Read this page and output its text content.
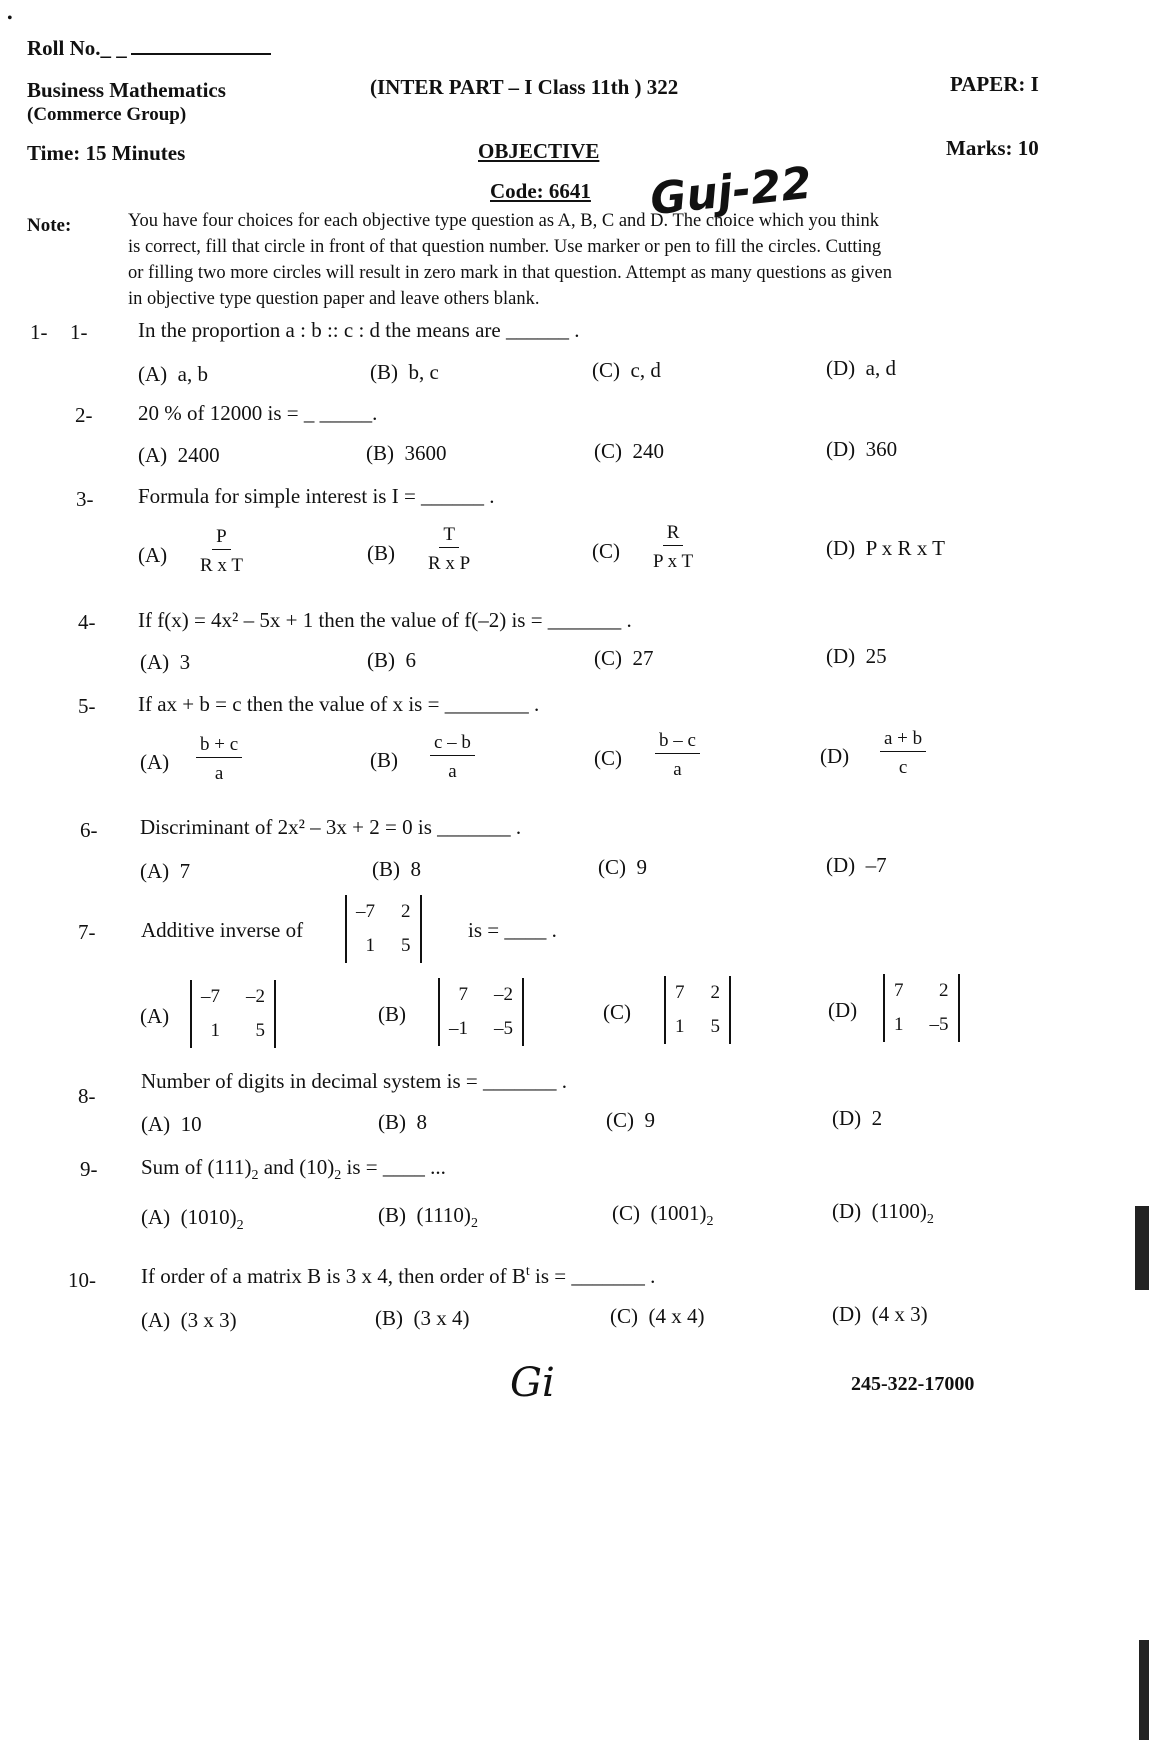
•
Roll No._ _
Business Mathematics
(Commerce Group)
(INTER PART – I Class 11th ) 322	PAPER: I
Time: 15 Minutes	OBJECTIVE	Marks: 10
Code: 6641 Guj-22
Note:	You have four choices for each objective type question as A, B, C and D. The choice which you think
is correct, fill that circle in front of that question number. Use marker or pen to fill the circles. Cutting
or filling two more circles will result in zero mark in that question. Attempt as many questions as given
in objective type question paper and leave others blank.
1- 1- In the proportion a : b :: c : d the means are ______ .
(A) a, b	(B) b, c	(C) c, d	(D) a, d
2- 20 % of 12000 is = _ _____.
(A) 2400	(B) 3600	(C) 240	(D) 360
3- Formula for simple interest is I = ______ .
$(A) \frac{P}{\text{R x T}}$	$(B) \frac{T}{\text{R x P}}$	$(C) \frac{R}{\text{P x T}}$	(D) P x R x T
4- If f(x) = 4x² – 5x + 1 then the value of f(–2) is = _______ .
(A) 3	(B) 6	(C) 27	(D) 25
5- If ax + b = c then the value of x is = ________ .
$(A) \frac{b + c}{a}$	$(B) \frac{c - b}{a}$	$(C) \frac{b - c}{a}$	$(D) \frac{a + b}{c}$
6- Discriminant of 2x² – 3x + 2 = 0 is _______ .
(A) 7	(B) 8	(C) 9	(D) –7
7- Additive inverse of
–7 2
1 5
is = ____ .
(A)
–7 –2
1	5
(B)
7 –2
–1 –5
(C)
7 2
1 5
(D)
7	2
1 –5
8-
Number of digits in decimal system is = _______ .
(A) 10	(B) 8	(C) 9	(D) 2
9- Sum of $(111)_2$ and $(10)_2$ is = ____ ...
(A) $(1010)_2$	(B) $(1110)_2$	(C) $(1001)_2$	(D) $(1100)_2$
10- If order of a matrix B is 3 x 4, then order of $B^t$ is = _______ .
(A) (3 x 3)	(B) (3 x 4)	(C) (4 x 4)	(D) (4 x 3)
Gi	245-322-17000
